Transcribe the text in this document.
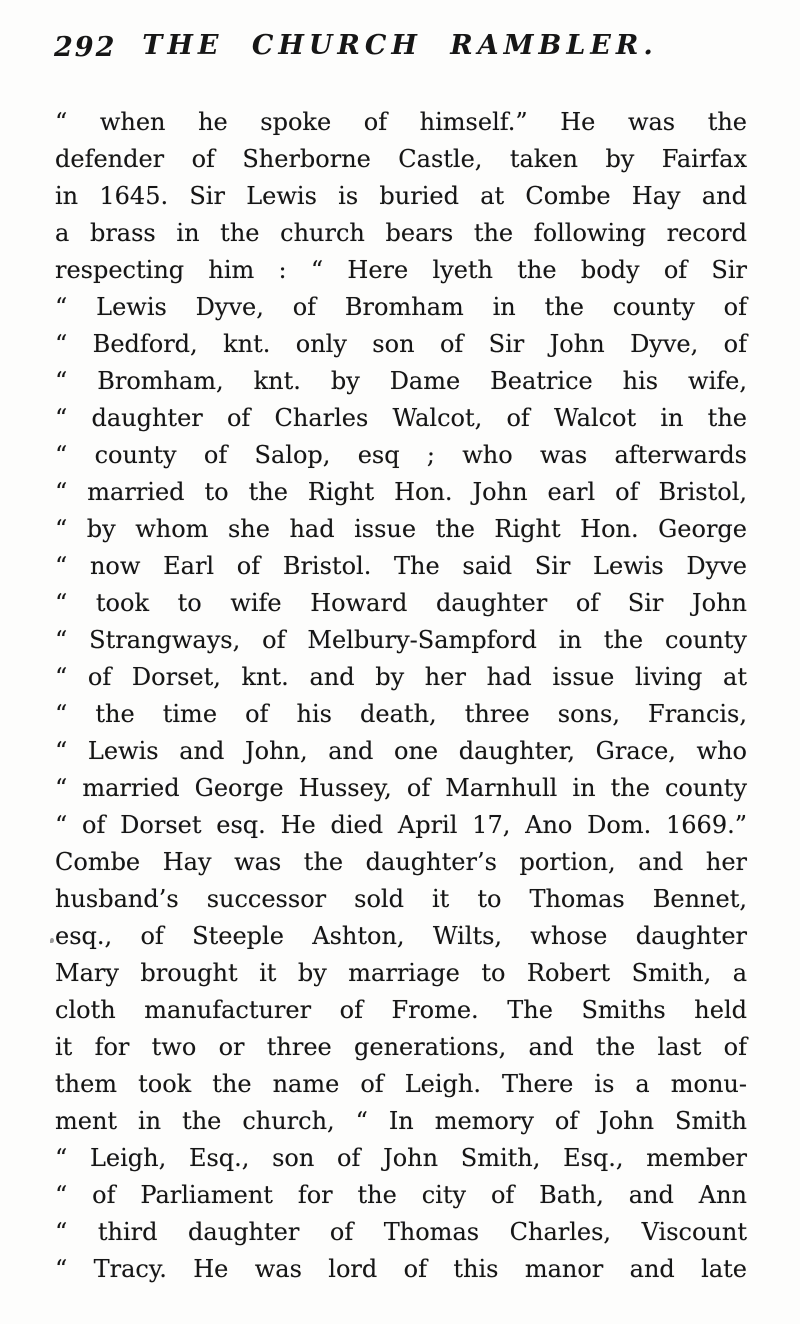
292 THE CHURCH RAMBLER.
“ when he spoke of himself.” He was the
defender of Sherborne Castle, taken by Fairfax
in 1645. Sir Lewis is buried at Combe Hay and
a brass in the church bears the following record
respecting him : “ Here lyeth the body of Sir
“ Lewis Dyve, of Bromham in the county of
“ Bedford, knt. only son of Sir John Dyve, of
“ Bromham, knt. by Dame Beatrice his wife,
“ daughter of Charles Walcot, of Walcot in the
“ county of Salop, esq ; who was afterwards
“ married to the Right Hon. John earl of Bristol,
“ by whom she had issue the Right Hon. George
“ now Earl of Bristol. The said Sir Lewis Dyve
“ took to wife Howard daughter of Sir John
“ Strangways, of Melbury-Sampford in the county
“ of Dorset, knt. and by her had issue living at
“ the time of his death, three sons, Francis,
“ Lewis and John, and one daughter, Grace, who
“ married George Hussey, of Marnhull in the county
“ of Dorset esq. He died April 17, Ano Dom. 1669.”
Combe Hay was the daughter’s portion, and her
husband’s successor sold it to Thomas Bennet,
esq., of Steeple Ashton, Wilts, whose daughter
Mary brought it by marriage to Robert Smith, a
cloth manufacturer of Frome. The Smiths held
it for two or three generations, and the last of
them took the name of Leigh. There is a monu-
ment in the church, “ In memory of John Smith
“ Leigh, Esq., son of John Smith, Esq., member
“ of Parliament for the city of Bath, and Ann
“ third daughter of Thomas Charles, Viscount
“ Tracy. He was lord of this manor and late
